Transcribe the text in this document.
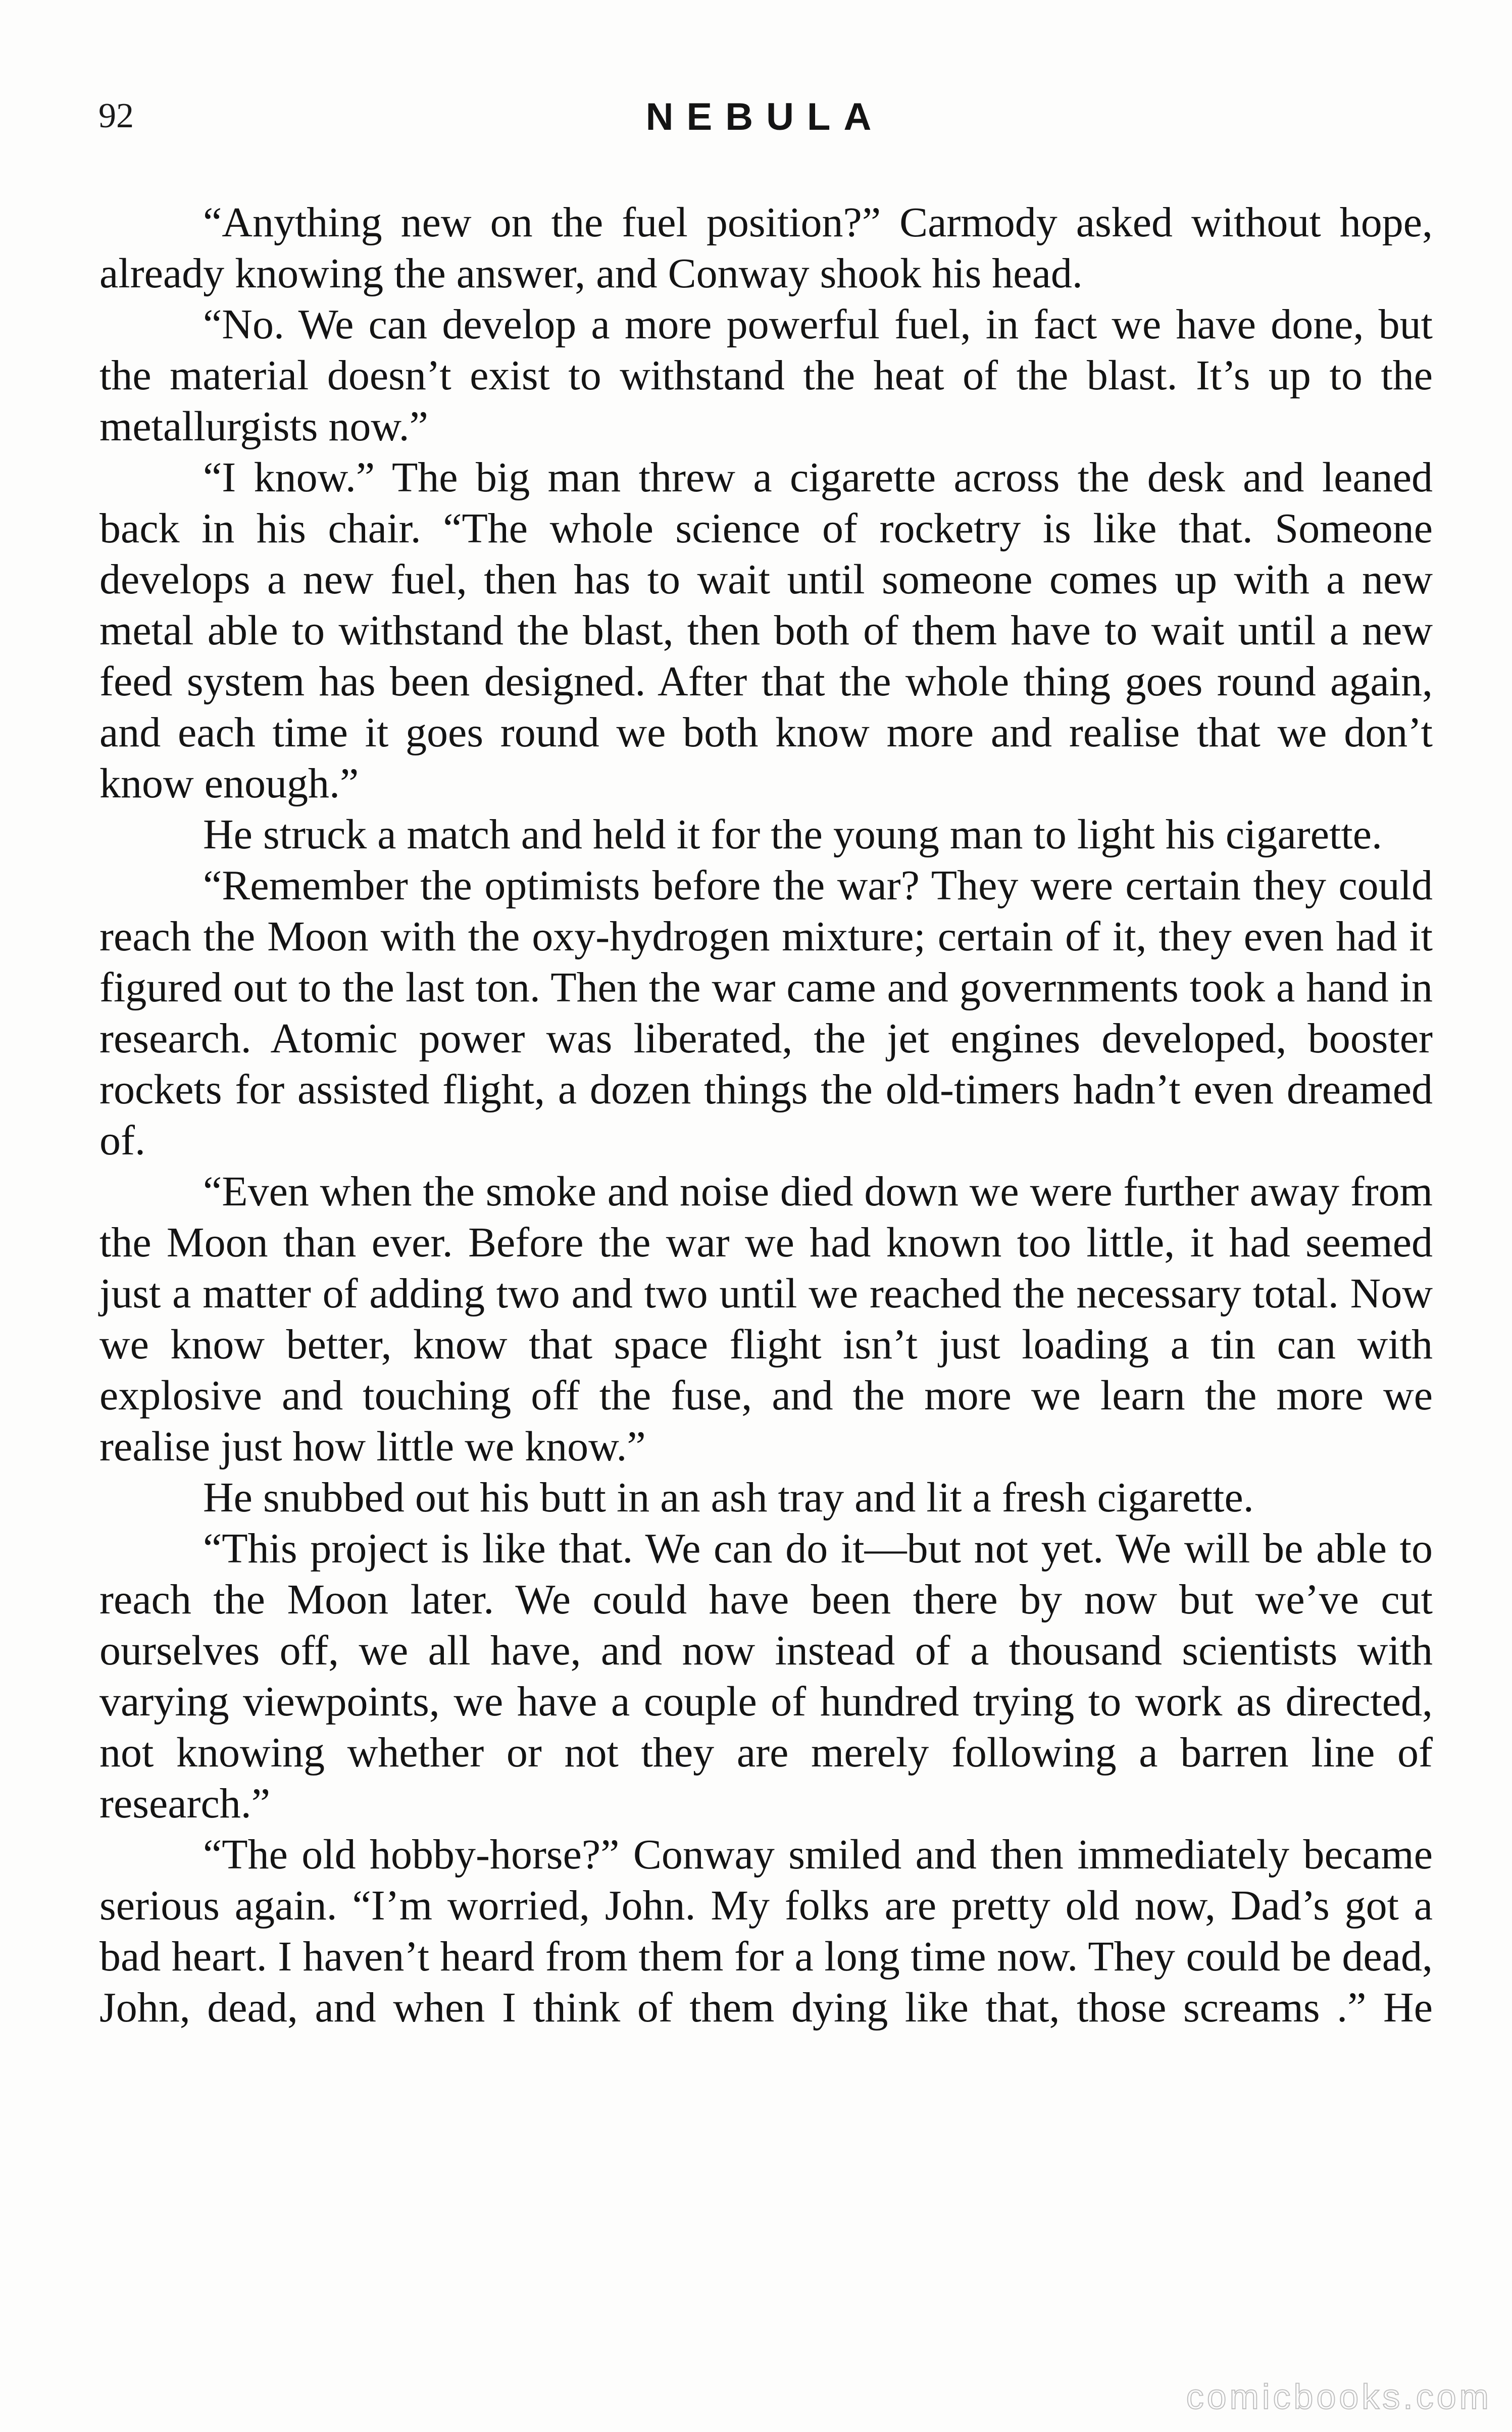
92	NEBULA

“Anything new on the fuel position?” Carmody asked without hope, already knowing the answer, and Conway shook his head.

“No. We can develop a more powerful fuel, in fact we have done, but the material doesn’t exist to withstand the heat of the blast. It’s up to the metallurgists now.”

“I know.” The big man threw a cigarette across the desk and leaned back in his chair. “The whole science of rocketry is like that. Someone develops a new fuel, then has to wait until someone comes up with a new metal able to withstand the blast, then both of them have to wait until a new feed system has been designed. After that the whole thing goes round again, and each time it goes round we both know more and realise that we don’t know enough.”

He struck a match and held it for the young man to light his cigarette.

“Remember the optimists before the war? They were certain they could reach the Moon with the oxy-hydrogen mixture; certain of it, they even had it figured out to the last ton. Then the war came and governments took a hand in research. Atomic power was liberated, the jet engines developed, booster rockets for assisted flight, a dozen things the old-timers hadn’t even dreamed of.

“Even when the smoke and noise died down we were further away from the Moon than ever. Before the war we had known too little, it had seemed just a matter of adding two and two until we reached the necessary total. Now we know better, know that space flight isn’t just loading a tin can with explosive and touching off the fuse, and the more we learn the more we realise just how little we know.”

He snubbed out his butt in an ash tray and lit a fresh cigarette.

“This project is like that. We can do it—but not yet. We will be able to reach the Moon later. We could have been there by now but we’ve cut ourselves off, we all have, and now instead of a thousand scientists with varying viewpoints, we have a couple of hundred trying to work as directed, not knowing whether or not they are merely following a barren line of research.”

“The old hobby-horse?” Conway smiled and then immediately became serious again. “I’m worried, John. My folks are pretty old now, Dad’s got a bad heart. I haven’t heard from them for a long time now. They could be dead, John, dead, and when I think of them dying like that, those screams .” He

comicbooks.com
